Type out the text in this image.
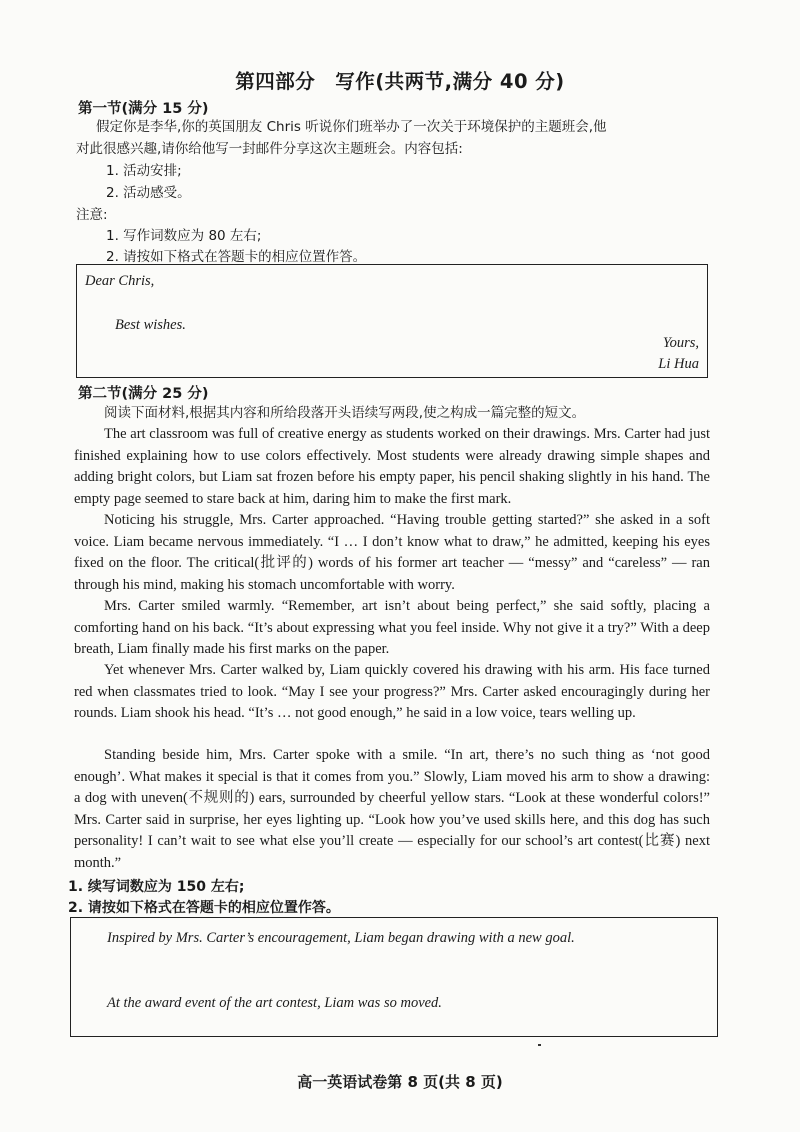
第四部分　写作(共两节,满分 40 分)
第一节(满分 15 分)
假定你是李华,你的英国朋友 Chris 听说你们班举办了一次关于环境保护的主题班会,他
对此很感兴趣,请你给他写一封邮件分享这次主题班会。内容包括:
1. 活动安排;
2. 活动感受。
注意:
1. 写作词数应为 80 左右;
2. 请按如下格式在答题卡的相应位置作答。
Dear Chris,
Best wishes.
Yours,
Li Hua
第二节(满分 25 分)
阅读下面材料,根据其内容和所给段落开头语续写两段,使之构成一篇完整的短文。
The art classroom was full of creative energy as students worked on their drawings. Mrs. Carter had just finished explaining how to use colors effectively. Most students were already drawing simple shapes and adding bright colors, but Liam sat frozen before his empty paper, his pencil shaking slightly in his hand. The empty page seemed to stare back at him, daring him to make the first mark.
Noticing his struggle, Mrs. Carter approached. “Having trouble getting started?” she asked in a soft voice. Liam became nervous immediately. “I … I don’t know what to draw,” he admitted, keeping his eyes fixed on the floor. The critical(批评的) words of his former art teacher — “messy” and “careless” — ran through his mind, making his stomach uncomfortable with worry.
Mrs. Carter smiled warmly. “Remember, art isn’t about being perfect,” she said softly, placing a comforting hand on his back. “It’s about expressing what you feel inside. Why not give it a try?” With a deep breath, Liam finally made his first marks on the paper.
Yet whenever Mrs. Carter walked by, Liam quickly covered his drawing with his arm. His face turned red when classmates tried to look. “May I see your progress?” Mrs. Carter asked encouragingly during her rounds. Liam shook his head. “It’s … not good enough,” he said in a low voice, tears welling up.
Standing beside him, Mrs. Carter spoke with a smile. “In art, there’s no such thing as ‘not good enough’. What makes it special is that it comes from you.” Slowly, Liam moved his arm to show a drawing: a dog with uneven(不规则的) ears, surrounded by cheerful yellow stars. “Look at these wonderful colors!” Mrs. Carter said in surprise, her eyes lighting up. “Look how you’ve used skills here, and this dog has such personality! I can’t wait to see what else you’ll create — especially for our school’s art contest(比赛) next month.”
1. 续写词数应为 150 左右;
2. 请按如下格式在答题卡的相应位置作答。
Inspired by Mrs. Carter’s encouragement, Liam began drawing with a new goal.
At the award event of the art contest, Liam was so moved.
高一英语试卷第 8 页(共 8 页)
